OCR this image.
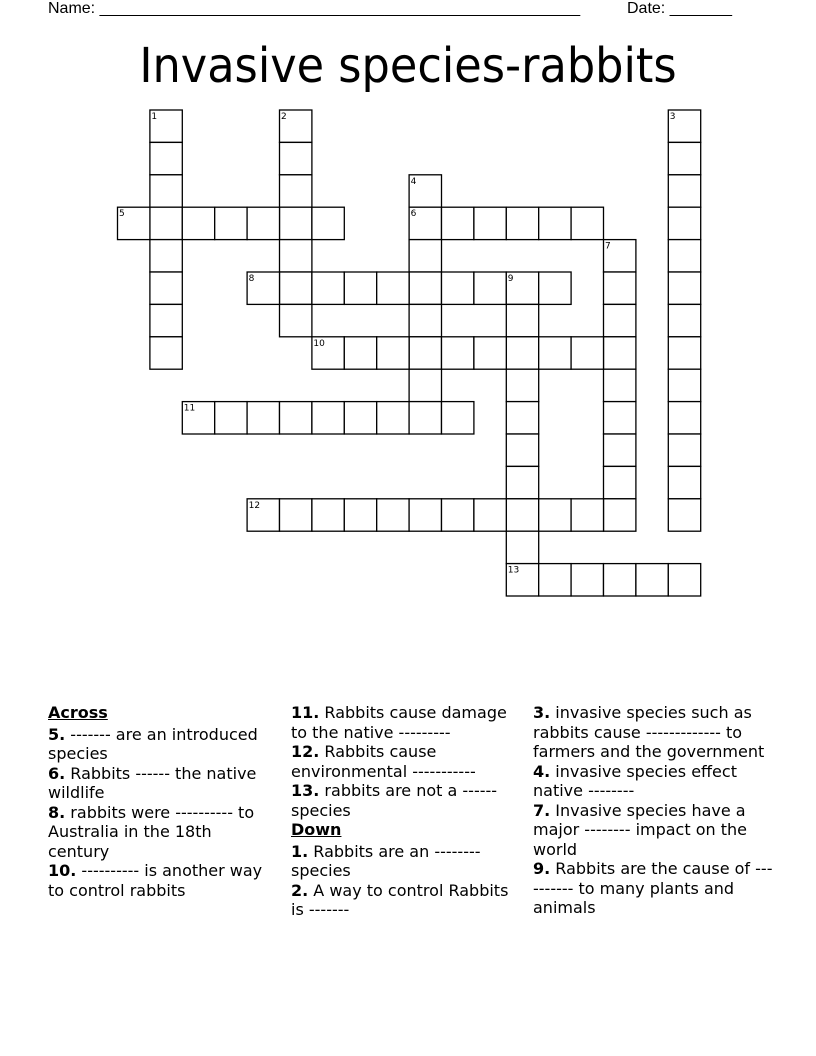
Name: ______________________________________________________	Date: _______
Invasive species-rabbits
1	2	3
4
5	6
7
8	9
10
11
12
13

Across

5. ------- are an introduced species

6. Rabbits ------ the native wildlife

8. rabbits were ---------- to Australia in the 18th century

10. ---------- is another way to control rabbits

11. Rabbits cause damage to the native ---------

12. Rabbits cause environmental -----------

13. rabbits are not a ------ species

Down

1. Rabbits are an -------- species

2. A way to control Rabbits is -------

3. invasive species such as rabbits cause ------------- to farmers and the government

4. invasive species effect native --------

7. Invasive species have a major -------- impact on the world

9. Rabbits are the cause of ---------- to many plants and animals
